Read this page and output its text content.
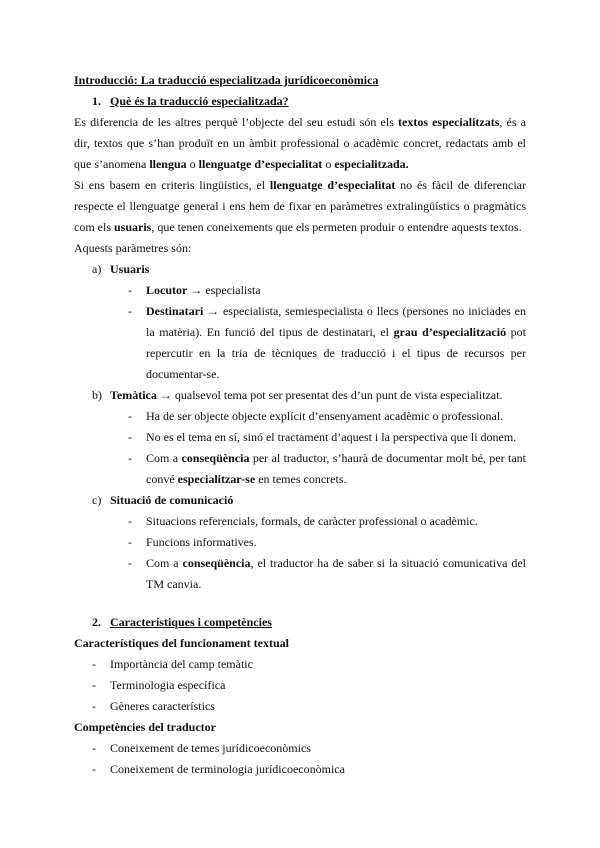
Introducció: La traducció especialitzada jurídicoeconòmica
1. Què és la traducció especialitzada?
Es diferencia de les altres perquè l’objecte del seu estudi són els textos especialitzats, és a
dir, textos que s’han produït en un àmbit professional o acadèmic concret, redactats amb el
que s’anomena llengua o llenguatge d’especialitat o especialitzada.
Si ens basem en criteris lingüístics, el llenguatge d’especialitat no és fàcil de diferenciar
respecte el llenguatge general i ens hem de fixar en paràmetres extralingüístics o pragmàtics
com els usuaris, que tenen coneixements que els permeten produir o entendre aquests textos.
Aquests paràmetres són:
a) Usuaris
- Locutor → especialista
- Destinatari → especialista, semiespecialista o llecs (persones no iniciades en
la matèria). En funció del tipus de destinatari, el grau d’especialització pot
repercutir en la tria de tècniques de traducció i el tipus de recursos per
documentar-se.
b) Temàtica → qualsevol tema pot ser presentat des d’un punt de vista especialitzat.
- Ha de ser objecte objecte explícit d’ensenyament acadèmic o professional.
- No es el tema en sí, sinó el tractament d’aquest i la perspectiva que li donem.
- Com a conseqüència per al traductor, s’haurà de documentar molt bé, per tant
convé especialitzar-se en temes concrets.
c) Situació de comunicació
- Situacions referencials, formals, de caràcter professional o acadèmic.
- Funcions informatives.
- Com a conseqüència, el traductor ha de saber si la situació comunicativa del
TM canvia.
2. Característiques i competències
Característiques del funcionament textual
- Importància del camp temàtic
- Terminologia específica
- Gèneres característics
Competències del traductor
- Coneixement de temes jurídicoeconòmics
- Coneixement de terminologia jurídicoeconòmica
